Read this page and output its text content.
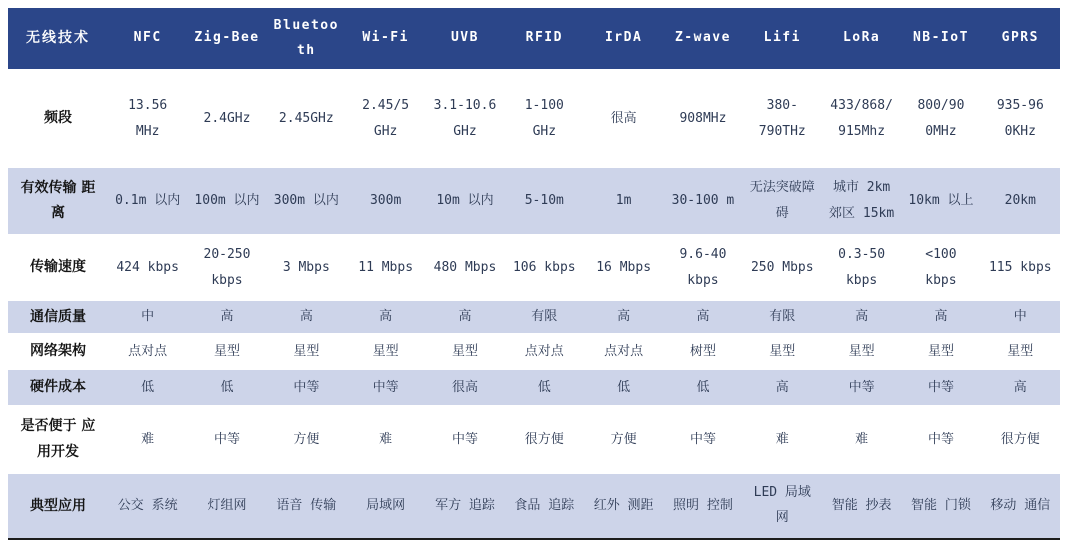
无线技术	NFC	Zig-Bee	Bluetooth	Wi-Fi	UVB	RFID	IrDA	Z-wave	Lifi	LoRa	NB-IoT	GPRS
频段	13.56 MHz	2.4GHz	2.45GHz	2.45/5 GHz	3.1-10.6 GHz	1-100 GHz	很高	908MHz	380-790THz	433/868/ 915Mhz	800/90 0MHz	935-96 0KHz
有效传输 距离	0.1m 以内	100m 以内	300m 以内	300m	10m 以内	5-10m	1m	30-100 m	无法突破障碍	城市 2km 郊区 15km	10km 以上	20km
传输速度	424 kbps	20-250 kbps	3 Mbps	11 Mbps	480 Mbps	106 kbps	16 Mbps	9.6-40 kbps	250 Mbps	0.3-50 kbps	<100 kbps	115 kbps
通信质量	中	高	高	高	高	有限	高	高	有限	高	高	中
网络架构	点对点	星型	星型	星型	星型	点对点	点对点	树型	星型	星型	星型	星型
硬件成本	低	低	中等	中等	很高	低	低	低	高	中等	中等	高
是否便于 应用开发	难	中等	方便	难	中等	很方便	方便	中等	难	难	中等	很方便
典型应用	公交 系统	灯组网	语音 传输	局域网	军方 追踪	食品 追踪	红外 测距	照明 控制	LED 局域网	智能 抄表	智能 门锁	移动 通信
